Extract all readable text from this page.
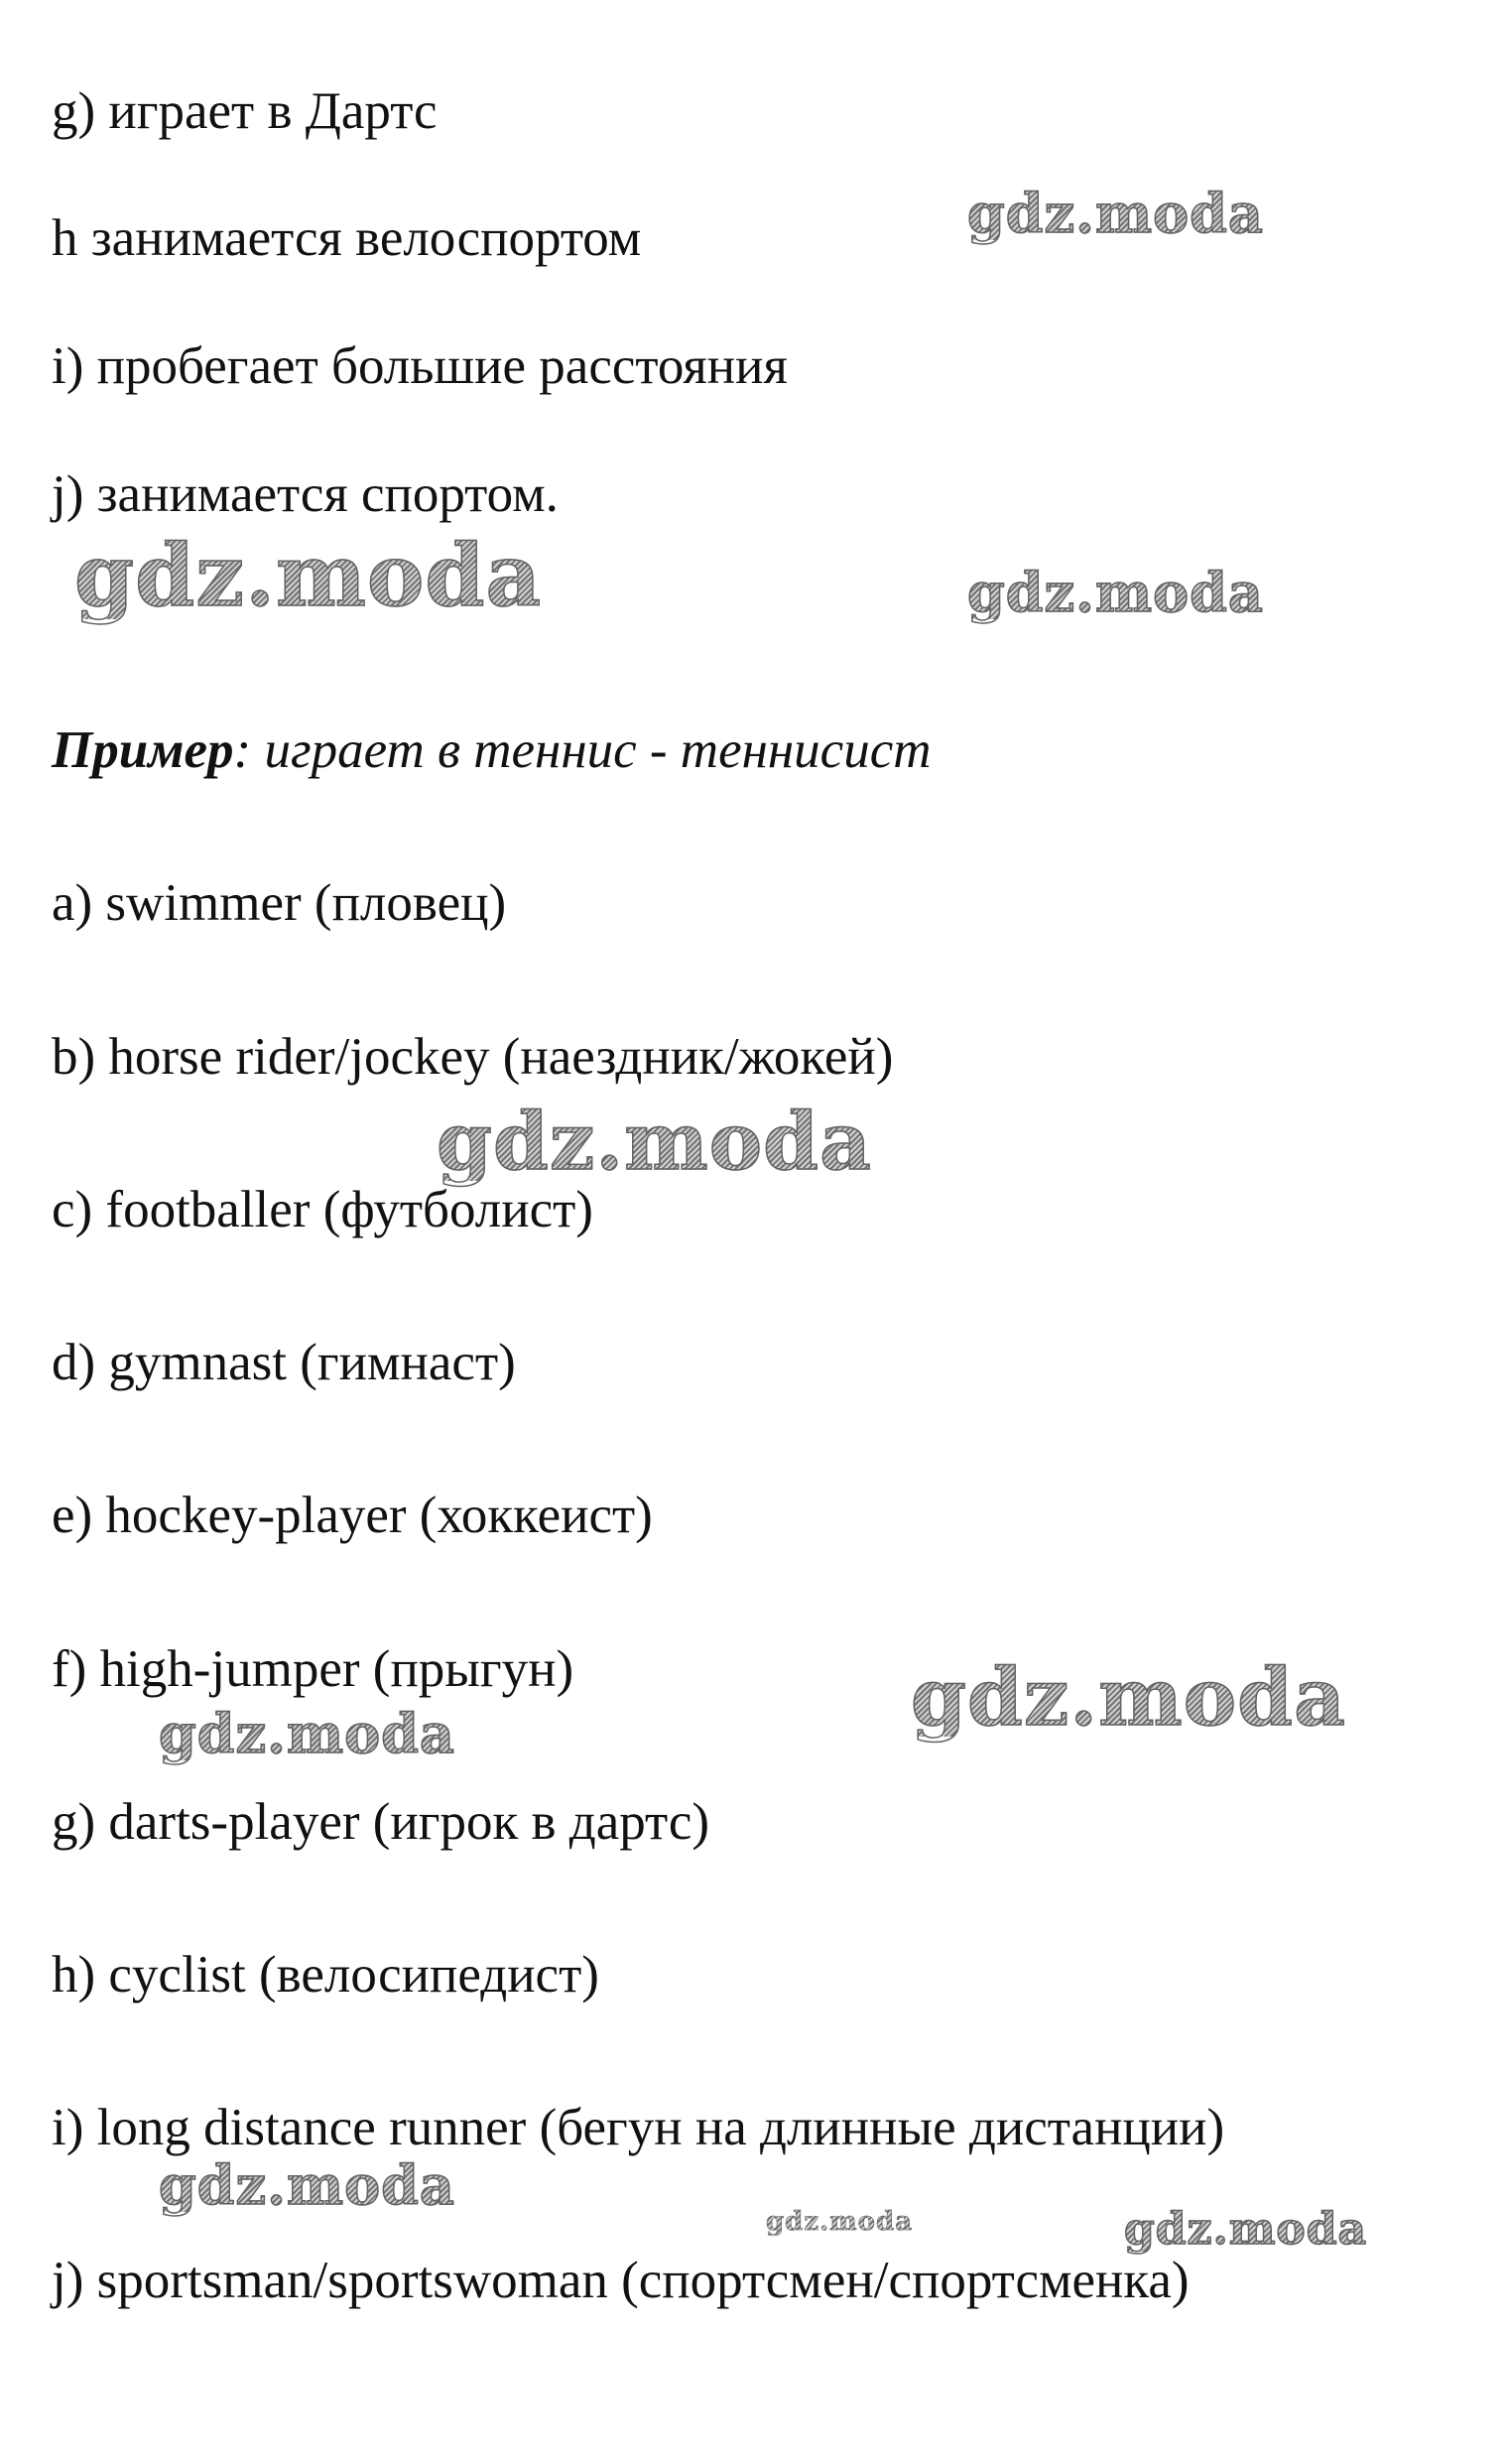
g) играет в Дартс
h занимается велоспортом
i) пробегает большие расстояния
j) занимается спортом.
Пример: играет в теннис - теннисист
a) swimmer (пловец)
b) horse rider/jockey (наездник/жокей)
c) footballer (футболист)
d) gymnast (гимнаст)
e) hockey-player (хоккеист)
f) high-jumper (прыгун)
g) darts-player (игрок в дартс)
h) cyclist (велосипедист)
i) long distance runner (бегун на длинные дистанции)
j) sportsman/sportswoman (спортсмен/спортсменка)
gdz.moda
gdz.moda	gdz.moda
gdz.moda
gdz.moda
gdz.moda
gdz.moda
gdz.moda	gdz.moda
